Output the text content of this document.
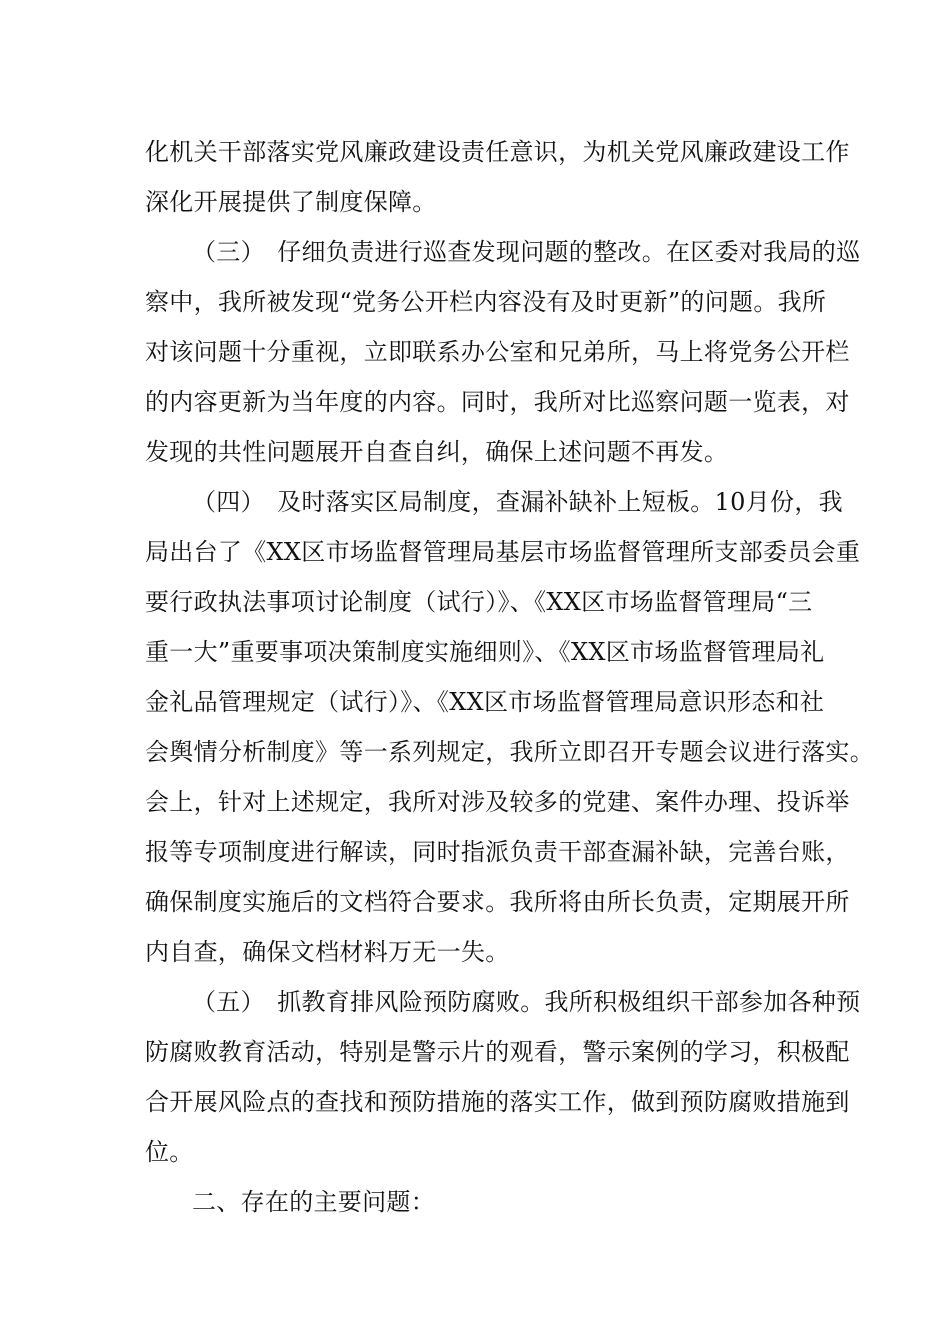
化机关干部落实党风廉政建设责任意识，为机关党风廉政建设工作
深化开展提供了制度保障。
（三）　仔细负责进行巡查发现问题的整改。在区委对我局的巡
察中，我所被发现“党务公开栏内容没有及时更新”的问题。我所
对该问题十分重视，立即联系办公室和兄弟所，马上将党务公开栏
的内容更新为当年度的内容。同时，我所对比巡察问题一览表，对
发现的共性问题展开自查自纠，确保上述问题不再发。
（四）　及时落实区局制度，查漏补缺补上短板。10月份，我
局出台了《XX区市场监督管理局基层市场监督管理所支部委员会重
要行政执法事项讨论制度（试行）》、《XX区市场监督管理局“三
重一大”重要事项决策制度实施细则》、《XX区市场监督管理局礼
金礼品管理规定（试行）》、《XX区市场监督管理局意识形态和社
会舆情分析制度》等一系列规定，我所立即召开专题会议进行落实。
会上，针对上述规定，我所对涉及较多的党建、案件办理、投诉举
报等专项制度进行解读，同时指派负责干部查漏补缺，完善台账，
确保制度实施后的文档符合要求。我所将由所长负责，定期展开所
内自查，确保文档材料万无一失。
（五）　抓教育排风险预防腐败。我所积极组织干部参加各种预
防腐败教育活动，特别是警示片的观看，警示案例的学习，积极配
合开展风险点的查找和预防措施的落实工作，做到预防腐败措施到
位。
二、存在的主要问题：
